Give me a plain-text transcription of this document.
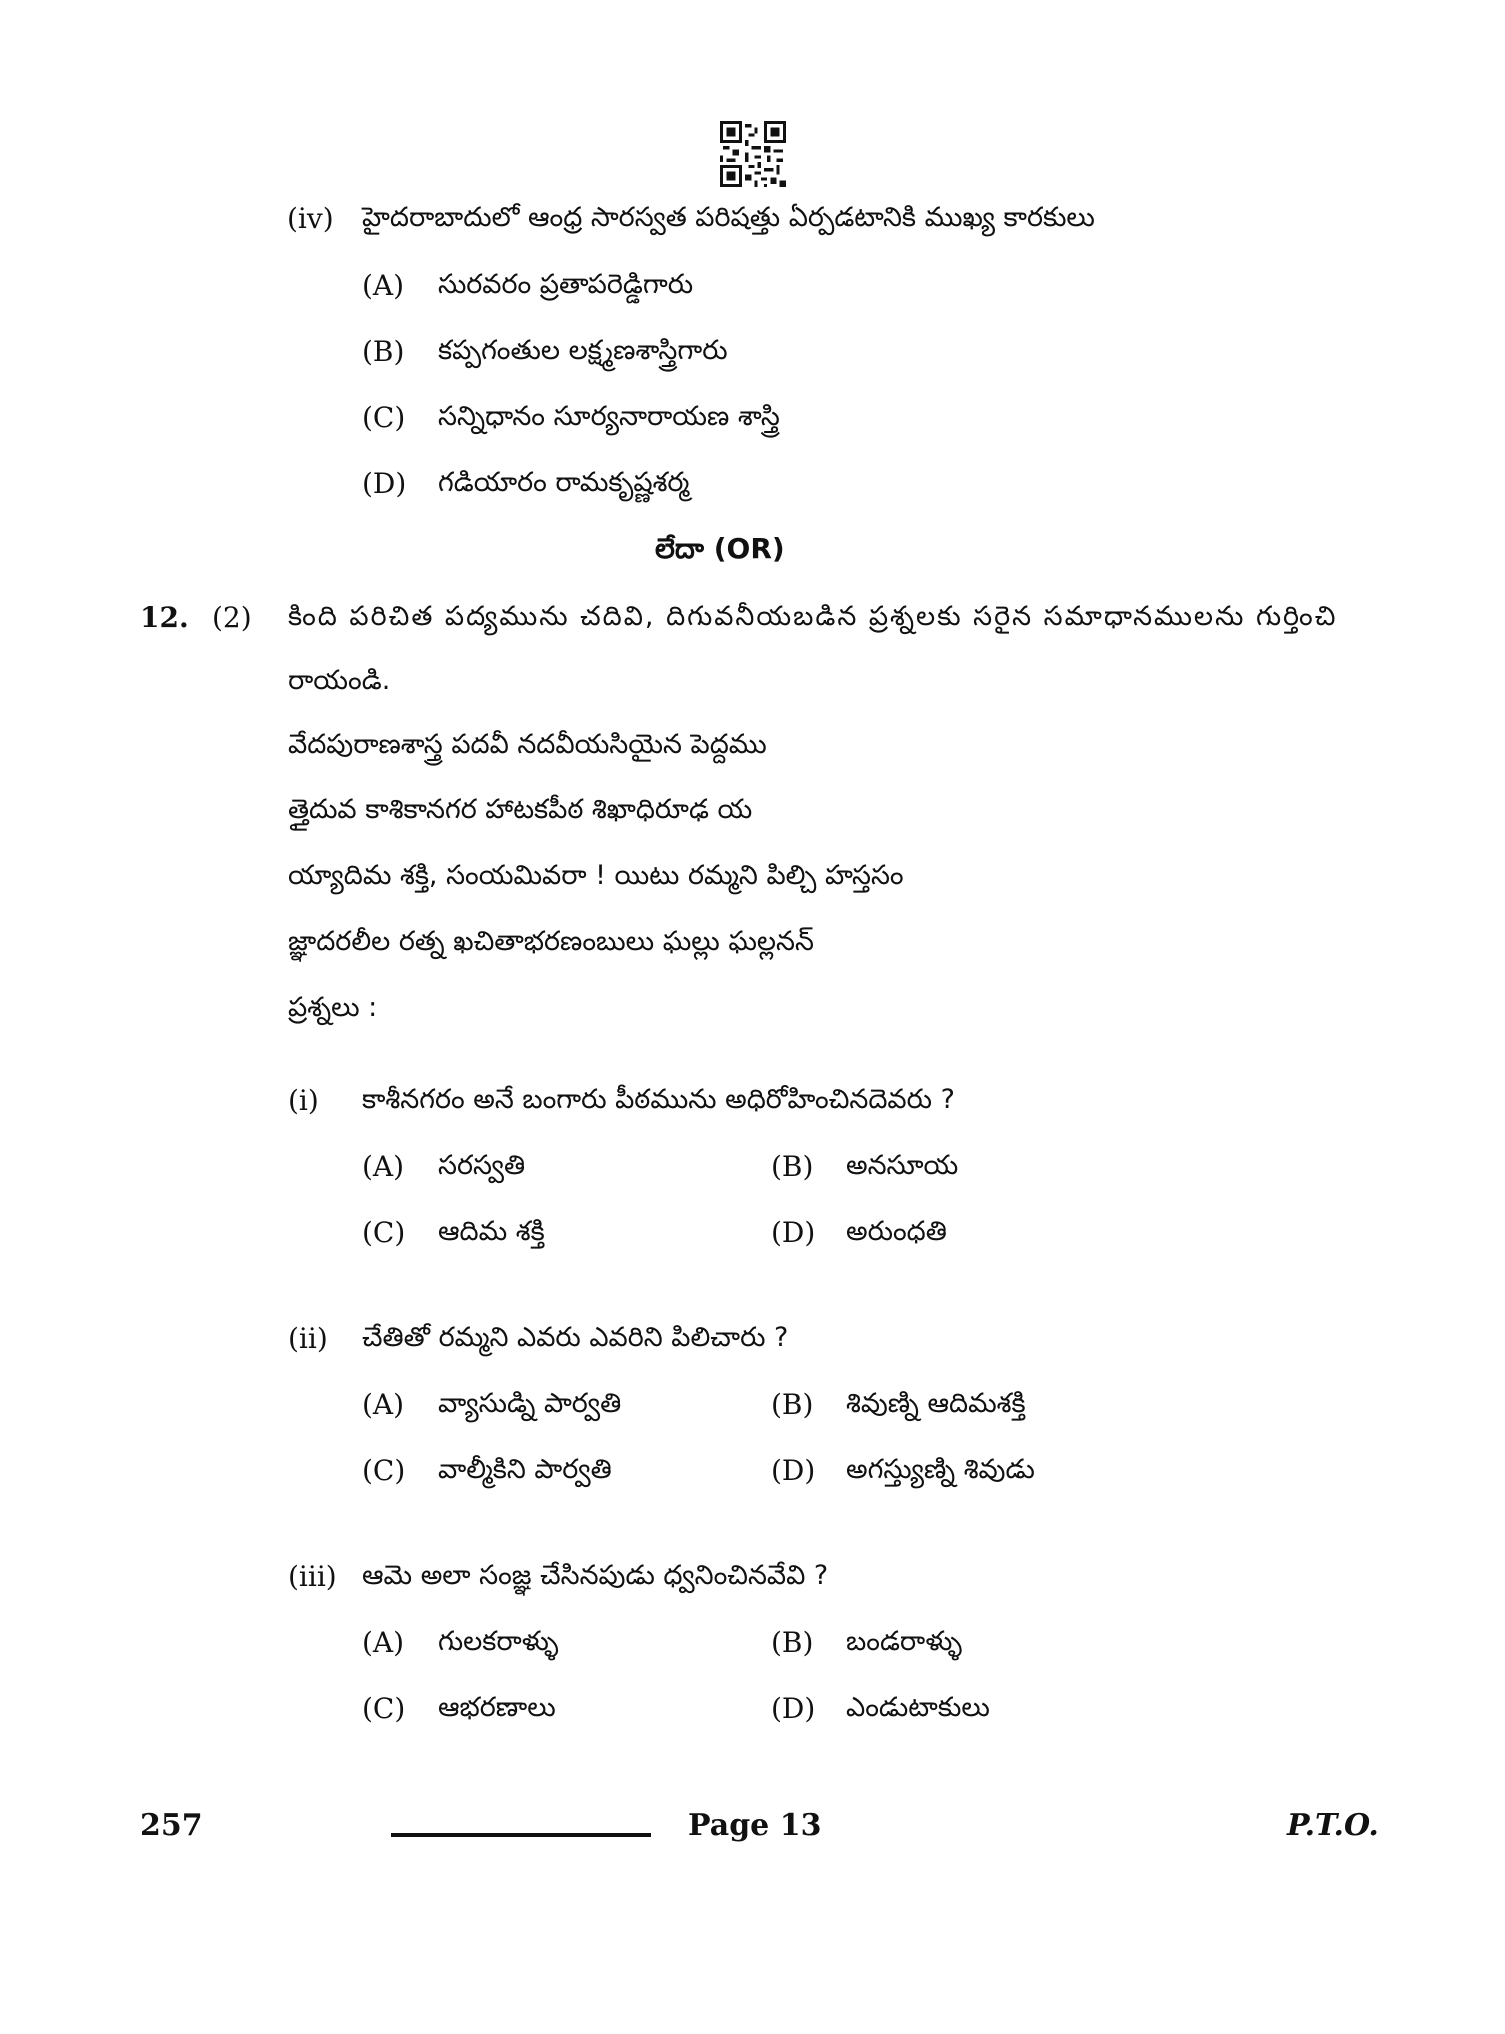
(iv) హైదరాబాదులో ఆంధ్ర సారస్వత పరిషత్తు ఏర్పడటానికి ముఖ్య కారకులు
(A) సురవరం ప్రతాపరెడ్డిగారు
(B) కప్పగంతుల లక్ష్మణశాస్త్రిగారు
(C) సన్నిధానం సూర్యనారాయణ శాస్త్రి
(D) గడియారం రామకృష్ణశర్మ
లేదా (OR)
12. (2) కింది పరిచిత పద్యమును చదివి, దిగువనీయబడిన ప్రశ్నలకు సరైన సమాధానములను గుర్తించి
రాయండి.
వేదపురాణశాస్త్ర పదవీ నదవీయసియైన పెద్దము
త్తైదువ కాశికానగర హాటకపీఠ శిఖాధిరూఢ య
య్యాదిమ శక్తి, సంయమివరా ! యిటు రమ్మని పిల్చి హస్తసం
జ్ఞాదరలీల రత్న ఖచితాభరణంబులు ఘల్లు ఘల్లనన్
ప్రశ్నలు :
(i) కాశీనగరం అనే బంగారు పీఠమును అధిరోహించినదెవరు ?
(A) సరస్వతి	(B) అనసూయ
(C) ఆదిమ శక్తి	(D) అరుంధతి
(ii) చేతితో రమ్మని ఎవరు ఎవరిని పిలిచారు ?
(A) వ్యాసుడ్ని పార్వతి	(B) శివుణ్ని ఆదిమశక్తి
(C) వాల్మీకిని పార్వతి	(D) అగస్త్యుణ్ని శివుడు
(iii) ఆమె అలా సంజ్ఞ చేసినపుడు ధ్వనించినవేవి ?
(A) గులకరాళ్ళు	(B) బండరాళ్ళు
(C) ఆభరణాలు	(D) ఎండుటాకులు
257	Page 13	P.T.O.
